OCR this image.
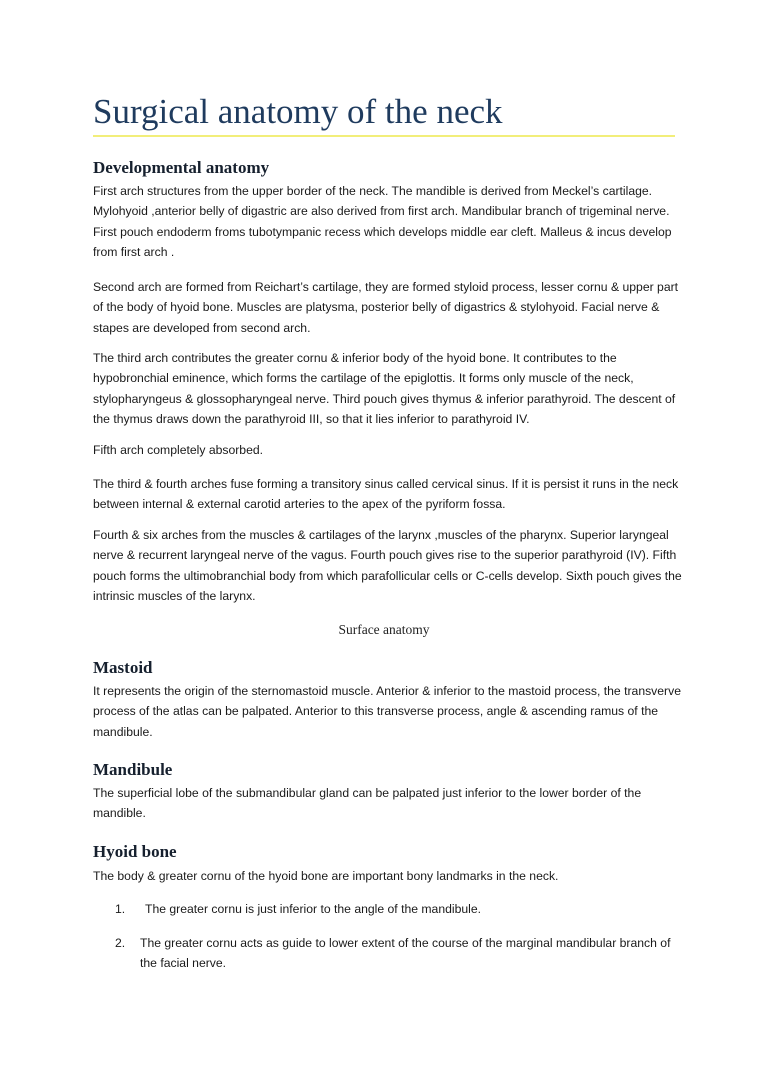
Surgical anatomy of the neck
Developmental anatomy

First arch structures from the upper border of the neck. The mandible is derived from Meckel’s cartilage. Mylohyoid ,anterior belly of digastric are also derived from first arch. Mandibular branch of trigeminal nerve. First pouch endoderm froms tubotympanic recess which develops middle ear cleft. Malleus & incus develop from first arch .

Second arch are formed from Reichart’s cartilage, they are formed styloid process, lesser cornu & upper part of the body of hyoid bone. Muscles are platysma, posterior belly of digastrics & stylohyoid. Facial nerve & stapes are developed from second arch.

The third arch contributes the greater cornu & inferior body of the hyoid bone. It contributes to the hypobronchial eminence, which forms the cartilage of the epiglottis. It forms only muscle of the neck, stylopharyngeus & glossopharyngeal nerve. Third pouch gives thymus & inferior parathyroid. The descent of the thymus draws down the parathyroid III, so that it lies inferior to parathyroid IV.

Fifth arch completely absorbed.

The third & fourth arches fuse forming a transitory sinus called cervical sinus. If it is persist it runs in the neck between internal & external carotid arteries to the apex of the pyriform fossa.

Fourth & six arches from the muscles & cartilages of the larynx ,muscles of the pharynx. Superior laryngeal nerve & recurrent laryngeal nerve of the vagus. Fourth pouch gives rise to the superior parathyroid (IV). Fifth pouch forms the ultimobranchial body from which parafollicular cells or C-cells develop. Sixth pouch gives the intrinsic muscles of the larynx.

Surface anatomy
Mastoid

It represents the origin of the sternomastoid muscle. Anterior & inferior to the mastoid process, the transverve process of the atlas can be palpated. Anterior to this transverse process, angle & ascending ramus of the mandibule.

Mandibule

The superficial lobe of the submandibular gland can be palpated just inferior to the lower border of the mandible.

Hyoid bone

The body & greater cornu of the hyoid bone are important bony landmarks in the neck.

1. The greater cornu is just inferior to the angle of the mandibule.
2. The greater cornu acts as guide to lower extent of the course of the marginal mandibular branch of the facial nerve.
